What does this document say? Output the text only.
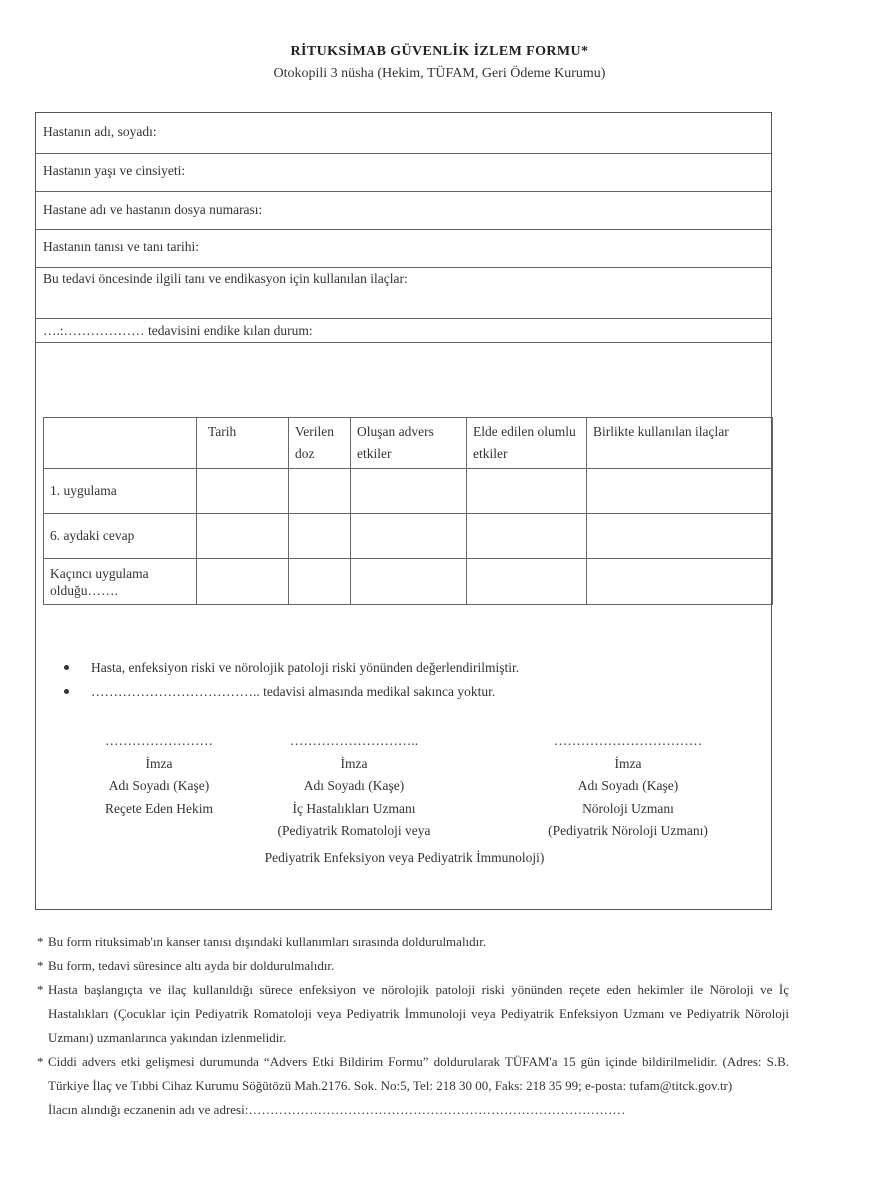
RİTUKSİMAB GÜVENLİK İZLEM FORMU*
Otokopili 3 nüsha (Hekim, TÜFAM, Geri Ödeme Kurumu)
Hastanın adı, soyadı:
Hastanın yaşı ve cinsiyeti:
Hastane adı ve hastanın dosya numarası:
Hastanın tanısı ve tanı tarihi:
Bu tedavi öncesinde ilgili tanı ve endikasyon için kullanılan ilaçlar:
….:……………… tedavisini endike kılan durum:
	Tarih	Verilen doz	Oluşan advers etkiler	Elde edilen olumlu etkiler	Birlikte kullanılan ilaçlar
1. uygulama					
6. aydaki cevap					
Kaçıncı uygulama olduğu…….					
Hasta, enfeksiyon riski ve nörolojik patoloji riski yönünden değerlendirilmiştir.
……………………………….. tedavisi almasında medikal sakınca yoktur.
……………………
İmza
Adı Soyadı (Kaşe)
Reçete Eden Hekim
………………………..
İmza
Adı Soyadı (Kaşe)
İç Hastalıkları Uzmanı
(Pediyatrik Romatoloji veya
……………………………
İmza
Adı Soyadı (Kaşe)
Nöroloji Uzmanı
(Pediyatrik Nöroloji Uzmanı)
Pediyatrik Enfeksiyon veya Pediyatrik İmmunoloji)
* Bu form rituksimab'ın kanser tanısı dışındaki kullanımları sırasında doldurulmalıdır.
* Bu form, tedavi süresince altı ayda bir doldurulmalıdır.
* Hasta başlangıçta ve ilaç kullanıldığı sürece enfeksiyon ve nörolojik patoloji riski yönünden reçete eden hekimler ile Nöroloji ve İç Hastalıkları (Çocuklar için Pediyatrik Romatoloji veya Pediyatrik İmmunoloji veya Pediyatrik Enfeksiyon Uzmanı ve Pediyatrik Nöroloji Uzmanı) uzmanlarınca yakından izlenmelidir.
* Ciddi advers etki gelişmesi durumunda “Advers Etki Bildirim Formu” doldurularak TÜFAM'a 15 gün içinde bildirilmelidir. (Adres: S.B. Türkiye İlaç ve Tıbbi Cihaz Kurumu Söğütözü Mah.2176. Sok. No:5, Tel: 218 30 00, Faks: 218 35 99; e-posta: tufam@titck.gov.tr)
İlacın alındığı eczanenin adı ve adresi:……………………………………………………………………………
